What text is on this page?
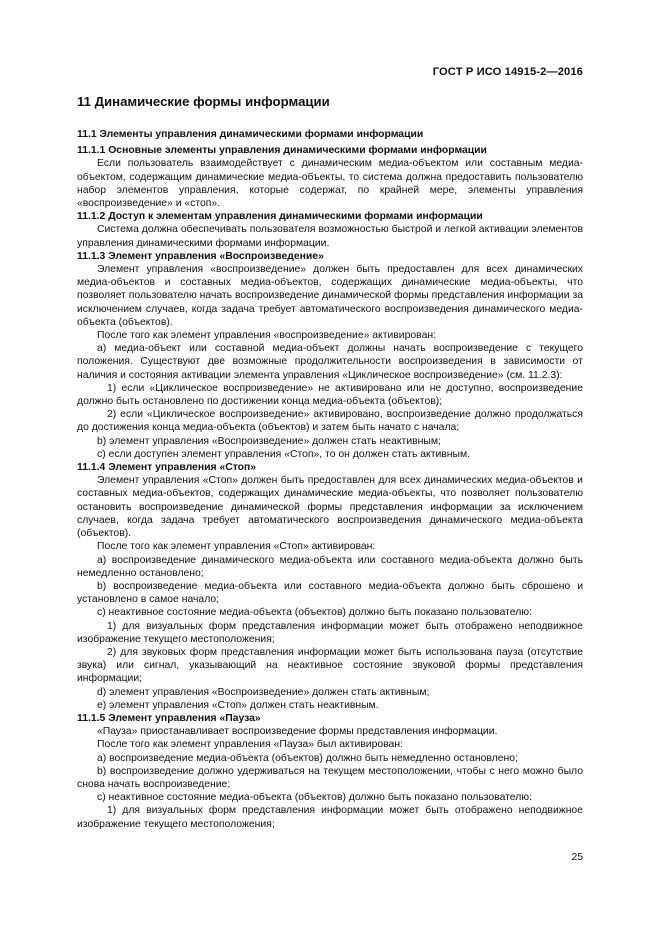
ГОСТ Р ИСО 14915-2—2016
11 Динамические формы информации
11.1 Элементы управления динамическими формами информации

11.1.1 Основные элементы управления динамическими формами информации

Если пользователь взаимодействует с динамическим медиа-объектом или составным медиа-объектом, содержащим динамические медиа-объекты, то система должна предоставить пользователю набор элементов управления, которые содержат, по крайней мере, элементы управления «воспроизведение» и «стоп».

11.1.2 Доступ к элементам управления динамическими формами информации

Система должна обеспечивать пользователя возможностью быстрой и легкой активации элементов управления динамическими формами информации.

11.1.3 Элемент управления «Воспроизведение»

Элемент управления «воспроизведение» должен быть предоставлен для всех динамических медиа-объектов и составных медиа-объектов, содержащих динамические медиа-объекты, что позволяет пользователю начать воспроизведение динамической формы представления информации за исключением случаев, когда задача требует автоматического воспроизведения динамического медиа-объекта (объектов).

После того как элемент управления «воспроизведение» активирован:

а) медиа-объект или составной медиа-объект должны начать воспроизведение с текущего положения. Существуют две возможные продолжительности воспроизведения в зависимости от наличия и состояния активации элемента управления «Циклическое воспроизведение» (см. 11.2.3):

1) если «Циклическое воспроизведение» не активировано или не доступно, воспроизведение должно быть остановлено по достижении конца медиа-объекта (объектов);

2) если «Циклическое воспроизведение» активировано, воспроизведение должно продолжаться до достижения конца медиа-объекта (объектов) и затем быть начато с начала;

b) элемент управления «Воспроизведение» должен стать неактивным;

с) если доступен элемент управления «Стоп», то он должен стать активным.

11.1.4 Элемент управления «Стоп»

Элемент управления «Стоп» должен быть предоставлен для всех динамических медиа-объектов и составных медиа-объектов, содержащих динамические медиа-объекты, что позволяет пользователю остановить воспроизведение динамической формы представления информации за исключением случаев, когда задача требует автоматического воспроизведения динамического медиа-объекта (объектов).

После того как элемент управления «Стоп» активирован:

а) воспроизведение динамического медиа-объекта или составного медиа-объекта должно быть немедленно остановлено;

b) воспроизведение медиа-объекта или составного медиа-объекта должно быть сброшено и установлено в самое начало;

с) неактивное состояние медиа-объекта (объектов) должно быть показано пользователю:

1) для визуальных форм представления информации может быть отображено неподвижное изображение текущего местоположения;

2) для звуковых форм представления информации может быть использована пауза (отсутствие звука) или сигнал, указывающий на неактивное состояние звуковой формы представления информации;

d) элемент управления «Воспроизведение» должен стать активным;

е) элемент управления «Стоп» должен стать неактивным.

11.1.5 Элемент управления «Пауза»

«Пауза» приостанавливает воспроизведение формы представления информации.

После того как элемент управления «Пауза» был активирован:

а) воспроизведение медиа-объекта (объектов) должно быть немедленно остановлено;

b) воспроизведение должно удерживаться на текущем местоположении, чтобы с него можно было снова начать воспроизведение;

с) неактивное состояние медиа-объекта (объектов) должно быть показано пользователю:

1) для визуальных форм представления информации может быть отображено неподвижное изображение текущего местоположения;

25
